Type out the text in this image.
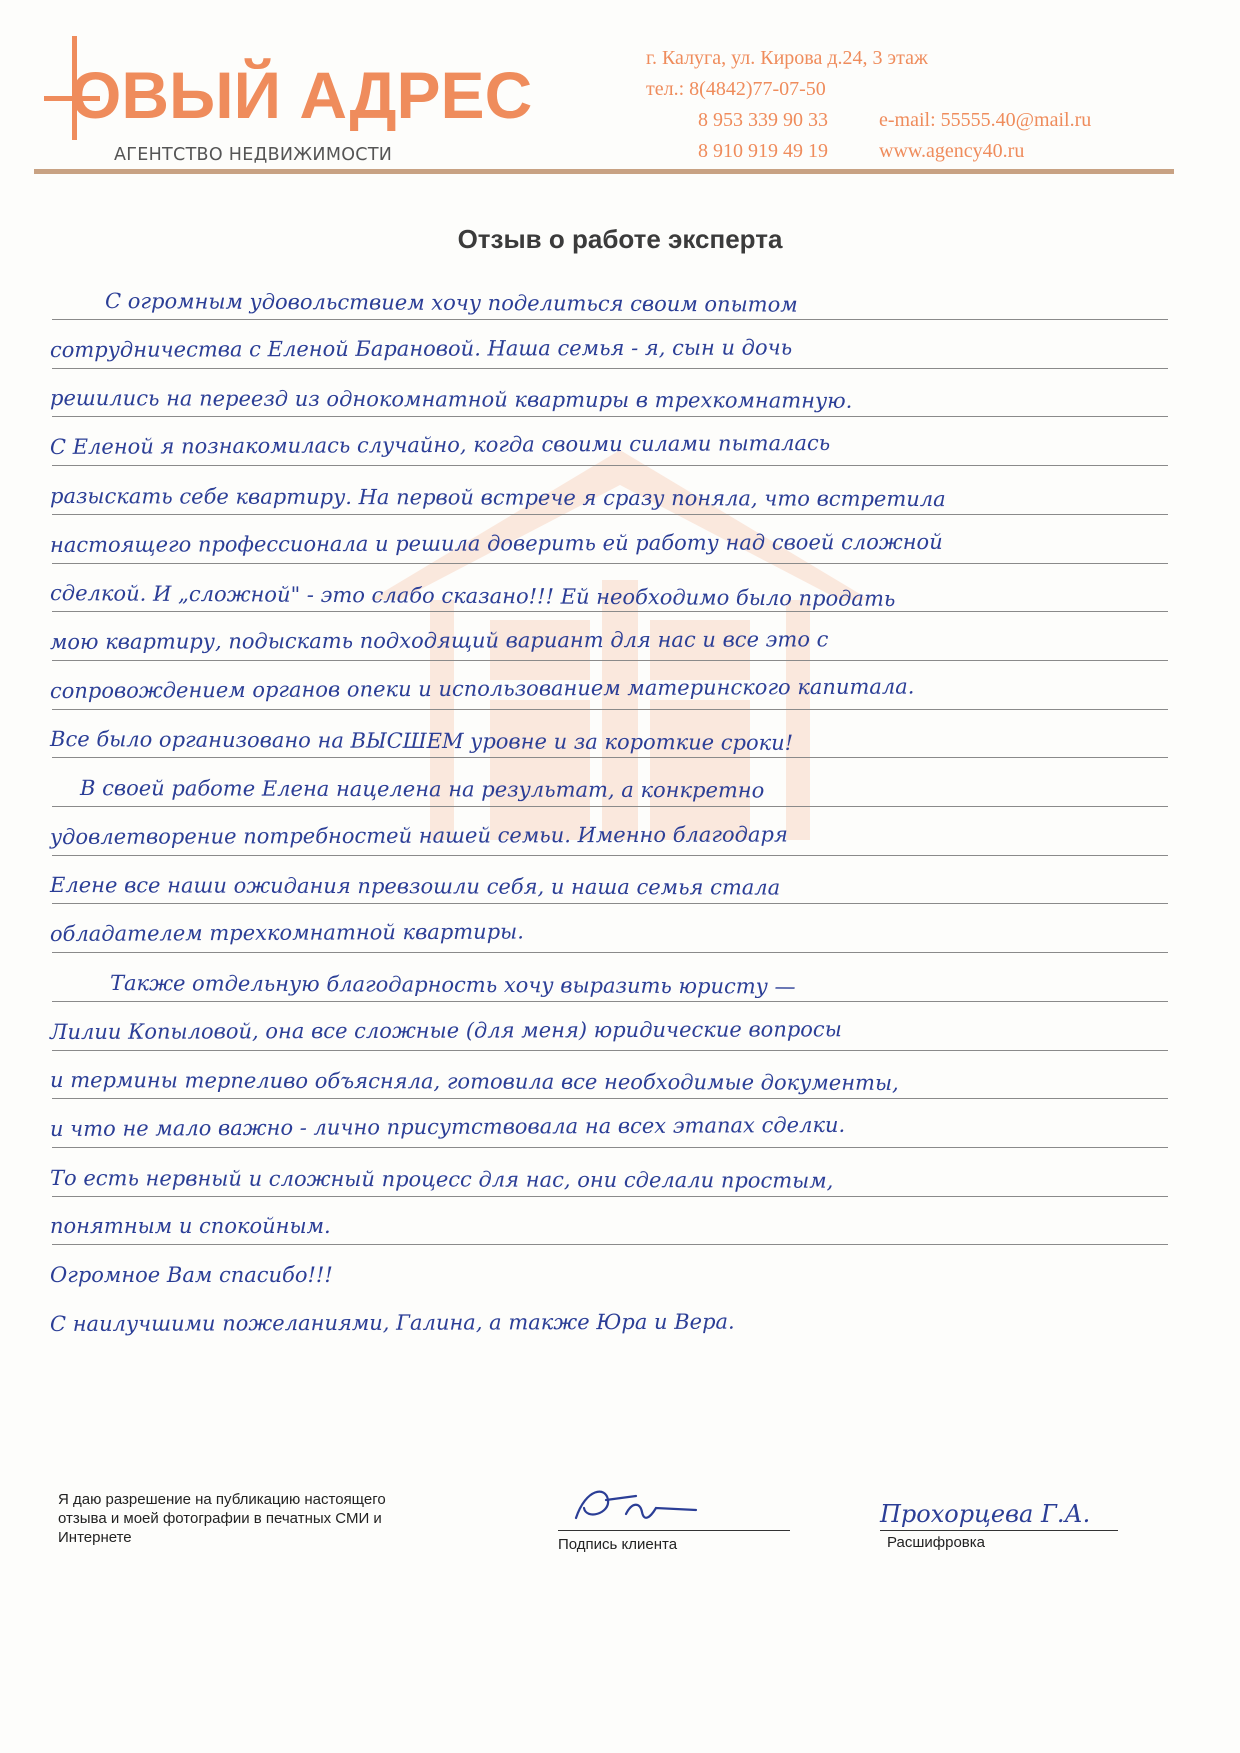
ОВЫЙ АДРЕС
АГЕНТСТВО НЕДВИЖИМОСТИ
г. Калуга, ул. Кирова д.24, 3 этаж
тел.: 8(4842)77-07-50
8 953 339 90 33
8 910 919 49 19
e-mail: 55555.40@mail.ru
www.agency40.ru
Отзыв о работе эксперта
С огромным удовольствием хочу поделиться своим опытом
сотрудничества с Еленой Барановой. Наша семья - я, сын и дочь
решились на переезд из однокомнатной квартиры в трехкомнатную.
С Еленой я познакомилась случайно, когда своими силами пыталась
разыскать себе квартиру. На первой встрече я сразу поняла, что встретила
настоящего профессионала и решила доверить ей работу над своей сложной
сделкой. И „сложной" - это слабо сказано!!! Ей необходимо было продать
мою квартиру, подыскать подходящий вариант для нас и все это с
сопровождением органов опеки и использованием материнского капитала.
Все было организовано на ВЫСШЕМ уровне и за короткие сроки!
В своей работе Елена нацелена на результат, а конкретно
удовлетворение потребностей нашей семьи. Именно благодаря
Елене все наши ожидания превзошли себя, и наша семья стала
обладателем трехкомнатной квартиры.
Также отдельную благодарность хочу выразить юристу —
Лилии Копыловой, она все сложные (для меня) юридические вопросы
и термины терпеливо объясняла, готовила все необходимые документы,
и что не мало важно - лично присутствовала на всех этапах сделки.
То есть нервный и сложный процесс для нас, они сделали простым,
понятным и спокойным.
Огромное Вам спасибо!!!
С наилучшими пожеланиями, Галина, а также Юра и Вера.
Я даю разрешение на публикацию настоящего
отзыва и моей фотографии в печатных СМИ и
Интернете	Подпись клиента
Прохорцева Г.А.
Расшифровка
